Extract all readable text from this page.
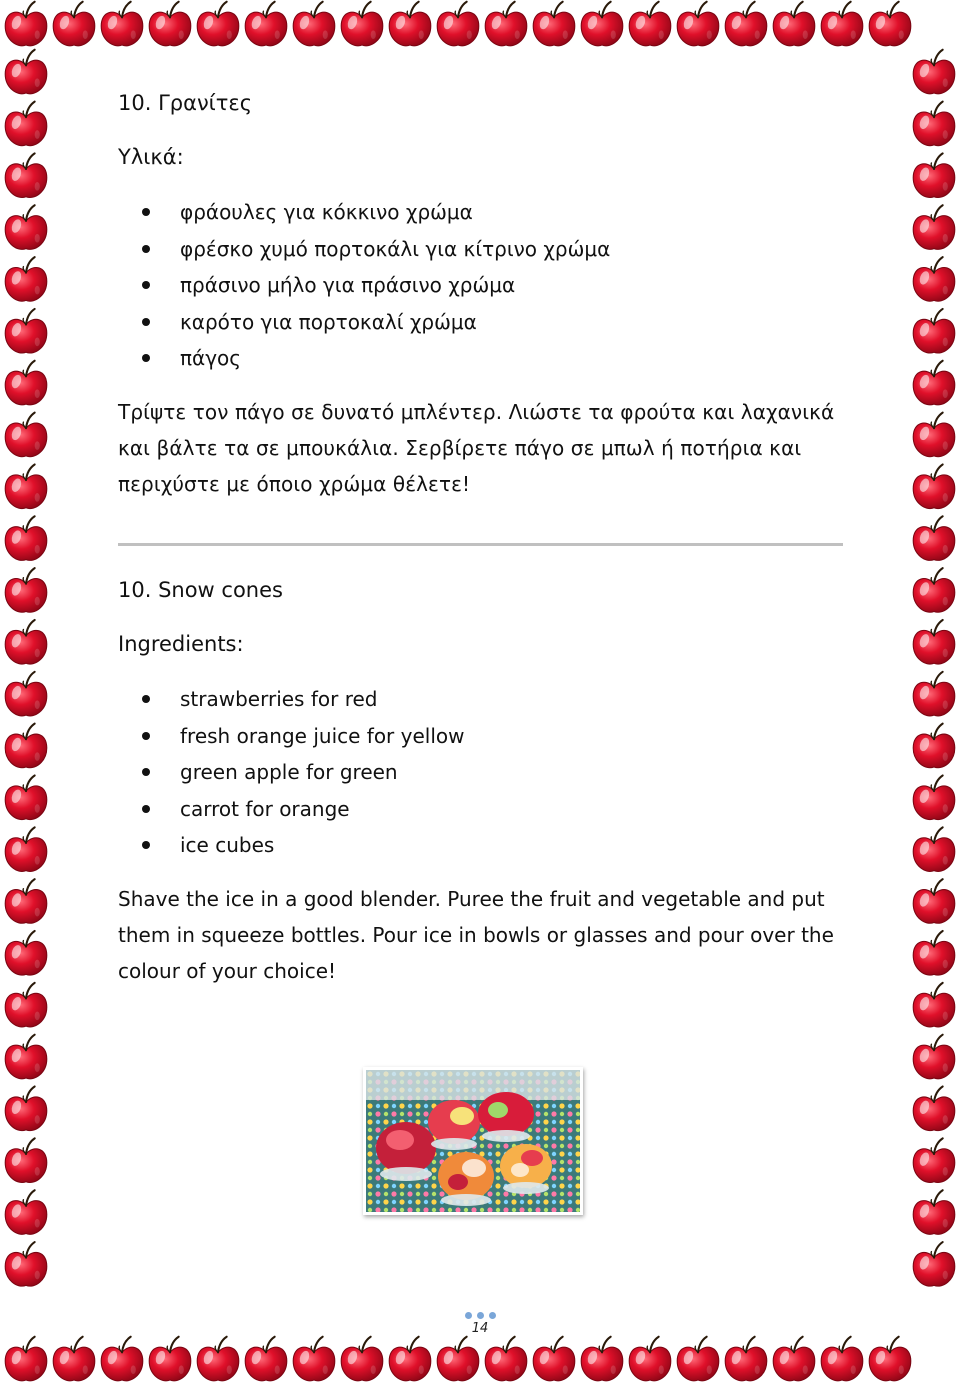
10. Γρανίτες

Υλικά:

φράουλες για κόκκινο χρώμα
φρέσκο χυμό πορτοκάλι για κίτρινο χρώμα
πράσινο μήλο για πράσινο χρώμα
καρότο για πορτοκαλί χρώμα
πάγος

Τρίψτε τον πάγο σε δυνατό μπλέντερ. Λιώστε τα φρούτα και λαχανικά και βάλτε τα σε μπουκάλια. Σερβίρετε πάγο σε μπωλ ή ποτήρια και περιχύστε με όποιο χρώμα θέλετε!

10. Snow cones

Ingredients:

strawberries for red
fresh orange juice for yellow
green apple for green
carrot for orange
ice cubes

Shave the ice in a good blender. Puree the fruit and vegetable and put them in squeeze bottles. Pour ice in bowls or glasses and pour over the colour of your choice!

14
